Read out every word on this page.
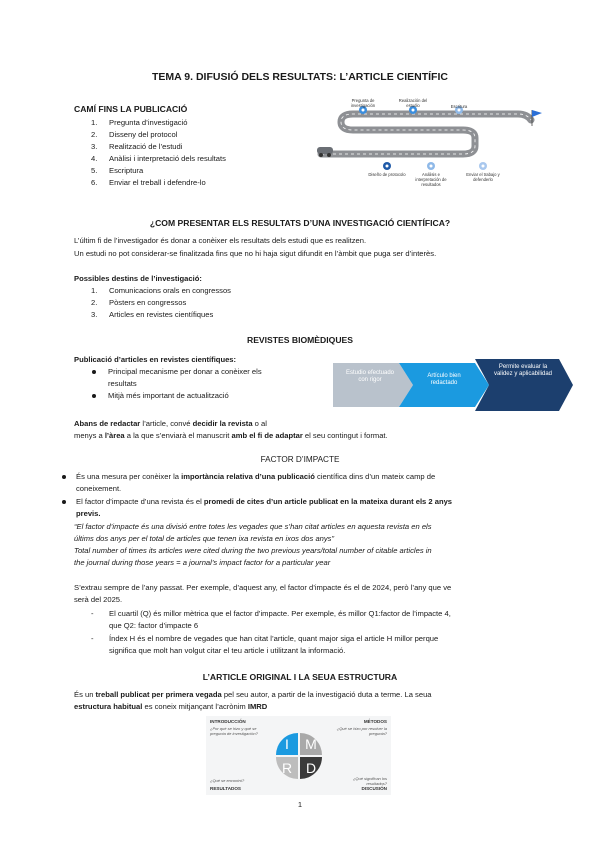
TEMA 9. DIFUSIÓ DELS RESULTATS: L’ARTICLE CIENTÍFIC
CAMÍ FINS LA PUBLICACIÓ
1. Pregunta d’investigació
2. Disseny del protocol
3. Realització de l’estudi
4. Anàlisi i interpretació dels resultats
5. Escriptura
6. Enviar el treball i defendre-lo
Pregunta de investigación
Realización del estudio	Escritura
Diseño de protocolo	Análisis e interpretación de resultados
Enviar el trabajo y defenderlo
¿COM PRESENTAR ELS RESULTATS D’UNA INVESTIGACIÓ CIENTÍFICA?
L’últim fi de l’investigador és donar a conèixer els resultats dels estudi que es realitzen.
Un estudi no pot considerar-se finalitzada fins que no hi haja sigut difundit en l’àmbit que puga ser d’interès.
Possibles destins de l’investigació:
1. Comunicacions orals en congressos
2. Pòsters en congressos
3. Articles en revistes científiques
REVISTES BIOMÈDIQUES
Publicació d’articles en revistes científiques:
Principal mecanisme per donar a conèixer els
resultats
Mitjà més important de actualització
Abans de redactar l’article, convé decidir la revista o al
menys a l’àrea a la que s’enviarà el manuscrit amb el fi de adaptar el seu contingut i format.
Estudio efectuado con rigor
Artículo bien redactado
Permite evaluar la validez y aplicabilidad
FACTOR D’IMPACTE
És una mesura per conèixer la importància relativa d’una publicació científica dins d’un mateix camp de
coneixement.
El factor d’impacte d’una revista és el promedi de cites d’un article publicat en la mateixa durant els 2 anys
previs.
“El factor d’impacte és una divisió entre totes les vegades que s’han citat articles en aquesta revista en els
últims dos anys per el total de articles que tenen ixa revista en ixos dos anys”
Total number of times its articles were cited during the two previous years/total number of citable articles in
the journal during those years = a journal’s impact factor for a particular year
S’extrau sempre de l’any passat. Per exemple, d’aquest any, el factor d’impacte és el de 2024, però l’any que ve
serà del 2025.
- El cuartil (Q) és millor mètrica que el factor d’impacte. Per exemple, és millor Q1:factor de l’impacte 4,
que Q2: factor d’impacte 6
- Índex H és el nombre de vegades que han citat l’article, quant major siga el article H millor perque
significa que molt han volgut citar el teu article i utilitzant la informació.
L’ARTICLE ORIGINAL I LA SEUA ESTRUCTURA
És un treball publicat per primera vegada pel seu autor, a partir de la investigació duta a terme. La seua
estructura habitual es coneix mitjançant l’acrònim IMRD
INTRODUCCIÓN
¿Por qué se hizo y qué se pregunta de investigación?
MÉTODOS
¿Qué se hizo por resolver la pregunta?
¿Qué se encontró?
RESULTADOS
¿Qué significan los resultados?
DISCUSIÓN
I	M
R D
1
